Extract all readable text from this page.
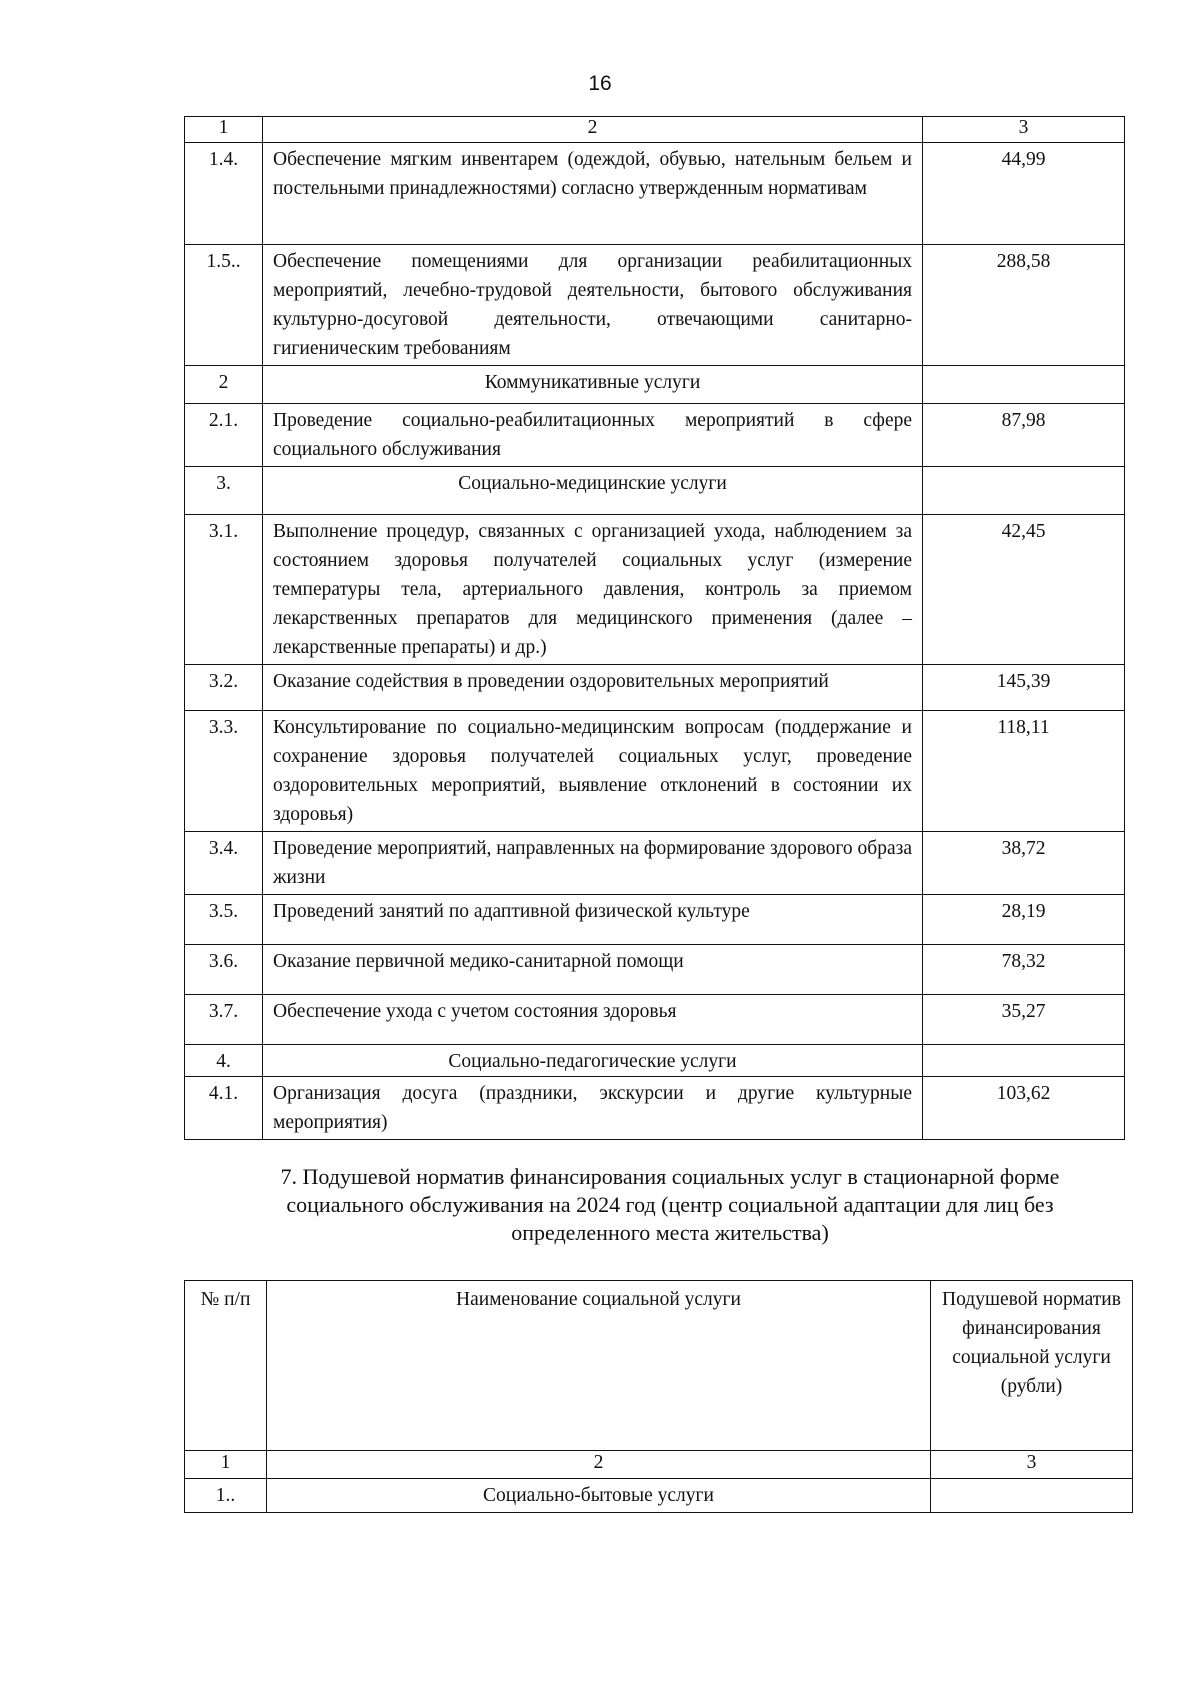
16
1	2	3
1.4.	Обеспечение мягким инвентарем (одеждой, обувью, нательным бельем и постельными принадлежностями) согласно утвержденным нормативам	44,99
1.5..	Обеспечение помещениями для организации реабилитационных мероприятий, лечебно-трудовой деятельности, бытового обслуживания культурно-досуговой деятельности, отвечающими санитарно-гигиеническим требованиям	288,58
2	Коммуникативные услуги	
2.1.	Проведение социально-реабилитационных мероприятий в сфере социального обслуживания	87,98
3.	Социально-медицинские услуги	
3.1.	Выполнение процедур, связанных с организацией ухода, наблюдением за состоянием здоровья получателей социальных услуг (измерение температуры тела, артериального давления, контроль за приемом лекарственных препаратов для медицинского применения (далее – лекарственные препараты) и др.)	42,45
3.2.	Оказание содействия в проведении оздоровительных мероприятий	145,39
3.3.	Консультирование по социально-медицинским вопросам (поддержание и сохранение здоровья получателей социальных услуг, проведение оздоровительных мероприятий, выявление отклонений в состоянии их здоровья)	118,11
3.4.	Проведение мероприятий, направленных на формирование здорового образа жизни	38,72
3.5.	Проведений занятий по адаптивной физической культуре	28,19
3.6.	Оказание первичной медико-санитарной помощи	78,32
3.7.	Обеспечение ухода с учетом состояния здоровья	35,27
4.	Социально-педагогические услуги	
4.1.	Организация досуга (праздники, экскурсии и другие культурные мероприятия)	103,62
7. Подушевой норматив финансирования социальных услуг в стационарной форме
социального обслуживания на 2024 год (центр социальной адаптации для лиц без
определенного места жительства)
№ п/п	Наименование социальной услуги	Подушевой норматив финансирования социальной услуги (рубли)
1	2	3
1..	Социально-бытовые услуги	
